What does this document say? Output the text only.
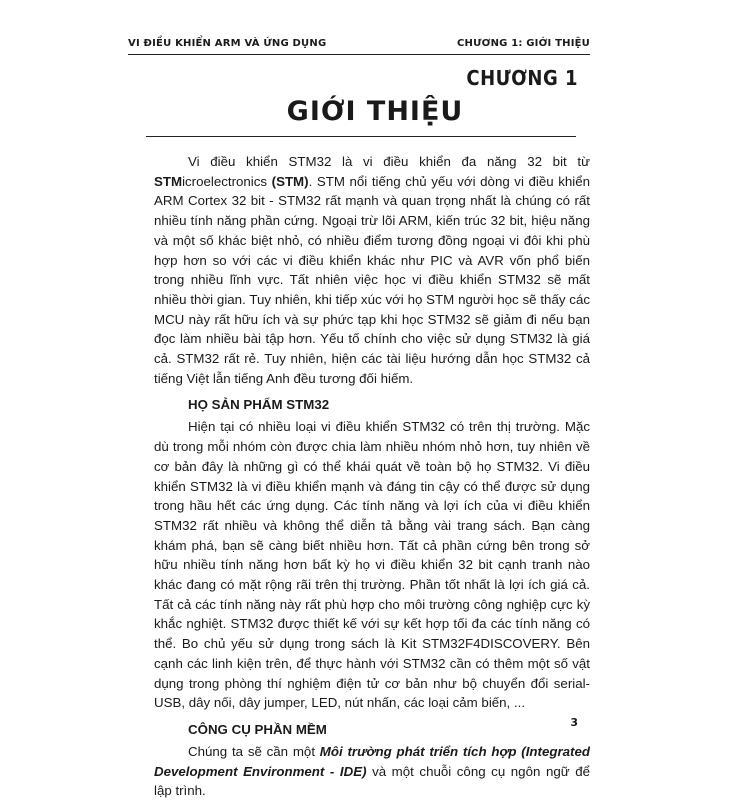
VI ĐIỀU KHIỂN ARM VÀ ỨNG DỤNG	CHƯƠNG 1: GIỚI THIỆU
CHƯƠNG 1
GIỚI THIỆU

Vi điều khiển STM32 là vi điều khiển đa năng 32 bit từ STMicroelectronics (STM). STM nổi tiếng chủ yếu với dòng vi điều khiển ARM Cortex 32 bit - STM32 rất mạnh và quan trọng nhất là chúng có rất nhiều tính năng phần cứng. Ngoại trừ lõi ARM, kiến trúc 32 bit, hiệu năng và một số khác biệt nhỏ, có nhiều điểm tương đồng ngoại vi đôi khi phù hợp hơn so với các vi điều khiển khác như PIC và AVR vốn phổ biến trong nhiều lĩnh vực. Tất nhiên việc học vi điều khiển STM32 sẽ mất nhiều thời gian. Tuy nhiên, khi tiếp xúc với họ STM người học sẽ thấy các MCU này rất hữu ích và sự phức tạp khi học STM32 sẽ giảm đi nếu bạn đọc làm nhiều bài tập hơn. Yếu tố chính cho việc sử dụng STM32 là giá cả. STM32 rất rẻ. Tuy nhiên, hiện các tài liệu hướng dẫn học STM32 cả tiếng Việt lẫn tiếng Anh đều tương đối hiếm.

HỌ SẢN PHẨM STM32

Hiện tại có nhiều loại vi điều khiển STM32 có trên thị trường. Mặc dù trong mỗi nhóm còn được chia làm nhiều nhóm nhỏ hơn, tuy nhiên về cơ bản đây là những gì có thể khái quát về toàn bộ họ STM32. Vi điều khiển STM32 là vi điều khiển mạnh và đáng tin cậy có thể được sử dụng trong hầu hết các ứng dụng. Các tính năng và lợi ích của vi điều khiển STM32 rất nhiều và không thể diễn tả bằng vài trang sách. Bạn càng khám phá, bạn sẽ càng biết nhiều hơn. Tất cả phần cứng bên trong sở hữu nhiều tính năng hơn bất kỳ họ vi điều khiển 32 bit cạnh tranh nào khác đang có mặt rộng rãi trên thị trường. Phần tốt nhất là lợi ích giá cả. Tất cả các tính năng này rất phù hợp cho môi trường công nghiệp cực kỳ khắc nghiệt. STM32 được thiết kế với sự kết hợp tối đa các tính năng có thể. Bo chủ yếu sử dụng trong sách là Kit STM32F4DISCOVERY. Bên cạnh các linh kiện trên, để thực hành với STM32 cần có thêm một số vật dụng trong phòng thí nghiệm điện tử cơ bản như bộ chuyển đổi serial-USB, dây nối, dây jumper, LED, nút nhấn, các loại cảm biến, ...

CÔNG CỤ PHẦN MỀM

Chúng ta sẽ cần một Môi trường phát triển tích hợp (Integrated Development Environment - IDE) và một chuỗi công cụ ngôn ngữ để lập trình.

3
